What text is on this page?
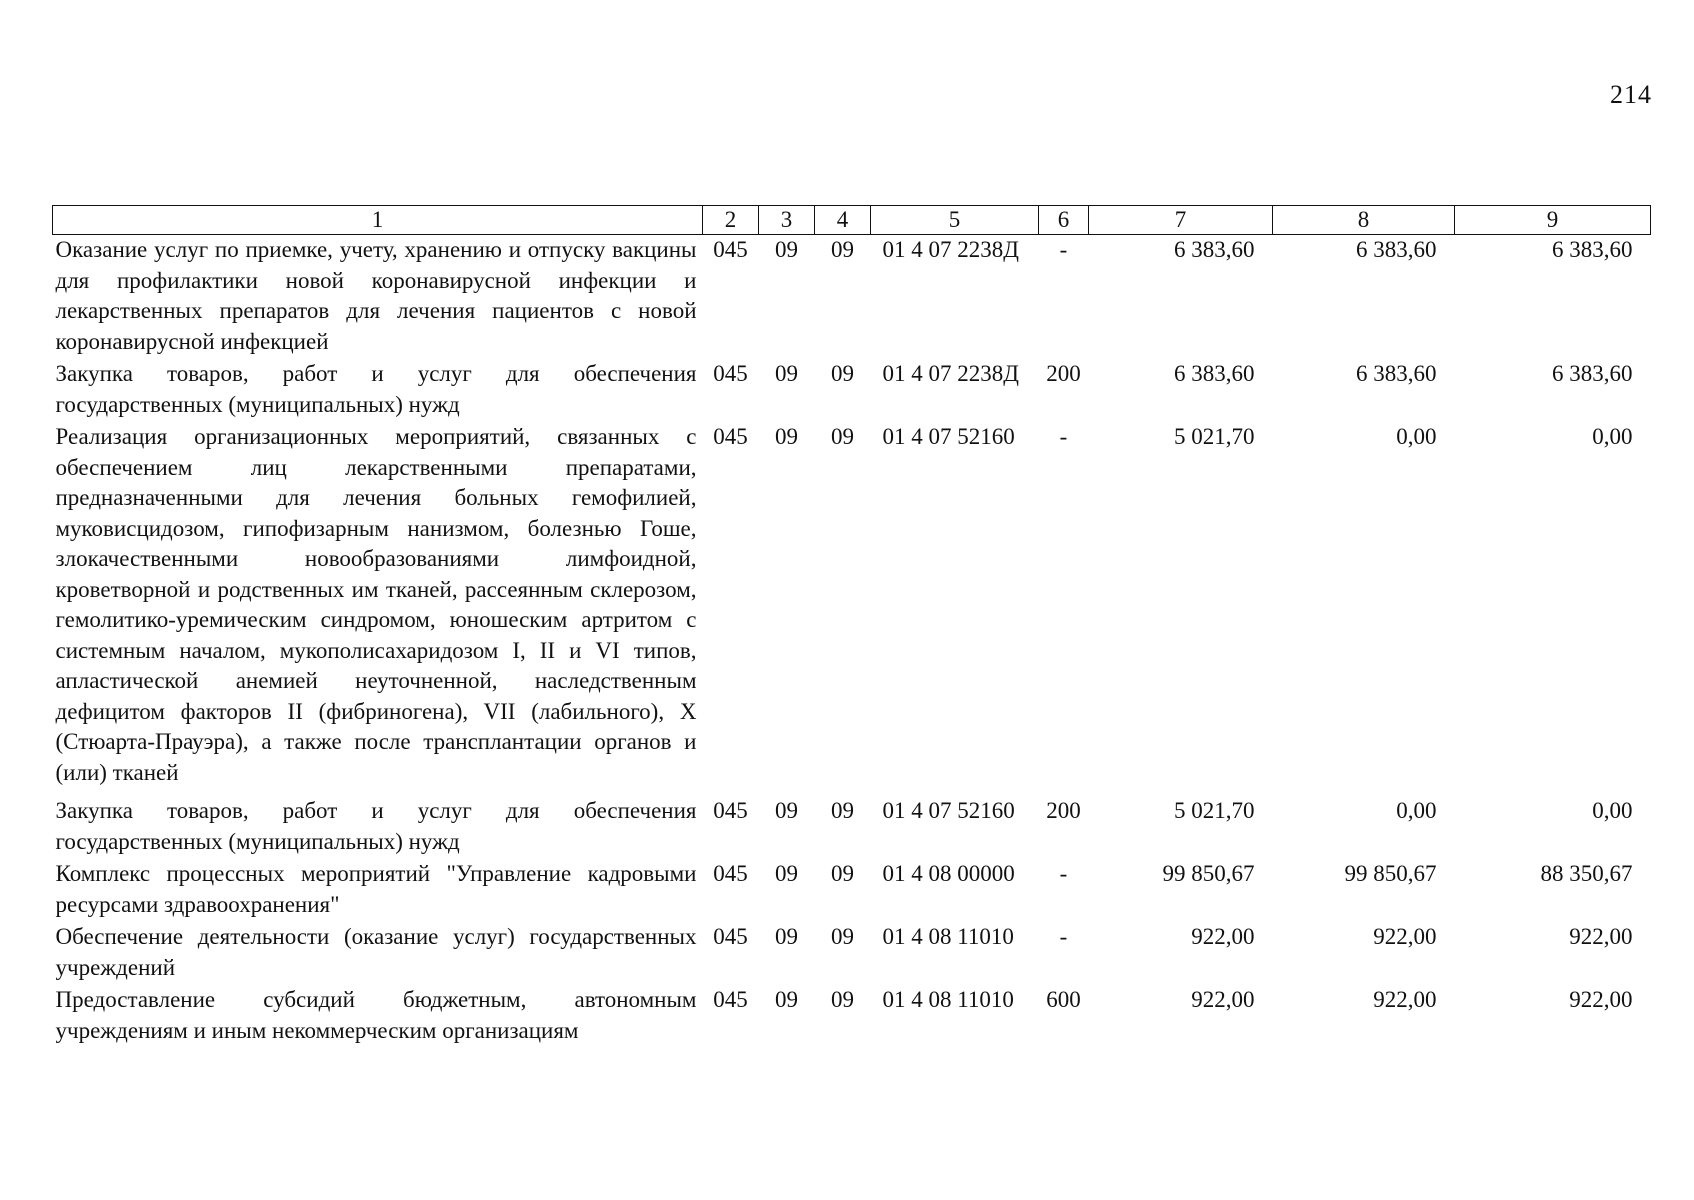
214
1	2	3	4	5	6	7	8	9
Оказание услуг по приемке, учету, хранению и отпуску вакцины для профилактики новой коронавирусной инфекции и лекарственных препаратов для лечения пациентов с новой коронавирусной инфекцией	045	09	09	01 4 07 2238Д	-	6 383,60	6 383,60	6 383,60
Закупка товаров, работ и услуг для обеспечения государственных (муниципальных) нужд	045	09	09	01 4 07 2238Д	200	6 383,60	6 383,60	6 383,60
Реализация организационных мероприятий, связанных с обеспечением лиц лекарственными препаратами, предназначенными для лечения больных гемофилией, муковисцидозом, гипофизарным нанизмом, болезнью Гоше, злокачественными новообразованиями лимфоидной, кроветворной и родственных им тканей, рассеянным склерозом, гемолитико-уремическим синдромом, юношеским артритом с системным началом, мукополисахаридозом I, II и VI типов, апластической анемией неуточненной, наследственным дефицитом факторов II (фибриногена), VII (лабильного), X (Стюарта-Прауэра), а также после трансплантации органов и (или) тканей	045	09	09	01 4 07 52160	-	5 021,70	0,00	0,00
Закупка товаров, работ и услуг для обеспечения государственных (муниципальных) нужд	045	09	09	01 4 07 52160	200	5 021,70	0,00	0,00
Комплекс процессных мероприятий "Управление кадровыми ресурсами здравоохранения"	045	09	09	01 4 08 00000	-	99 850,67	99 850,67	88 350,67
Обеспечение деятельности (оказание услуг) государственных учреждений	045	09	09	01 4 08 11010	-	922,00	922,00	922,00
Предоставление субсидий бюджетным, автономным учреждениям и иным некоммерческим организациям	045	09	09	01 4 08 11010	600	922,00	922,00	922,00
